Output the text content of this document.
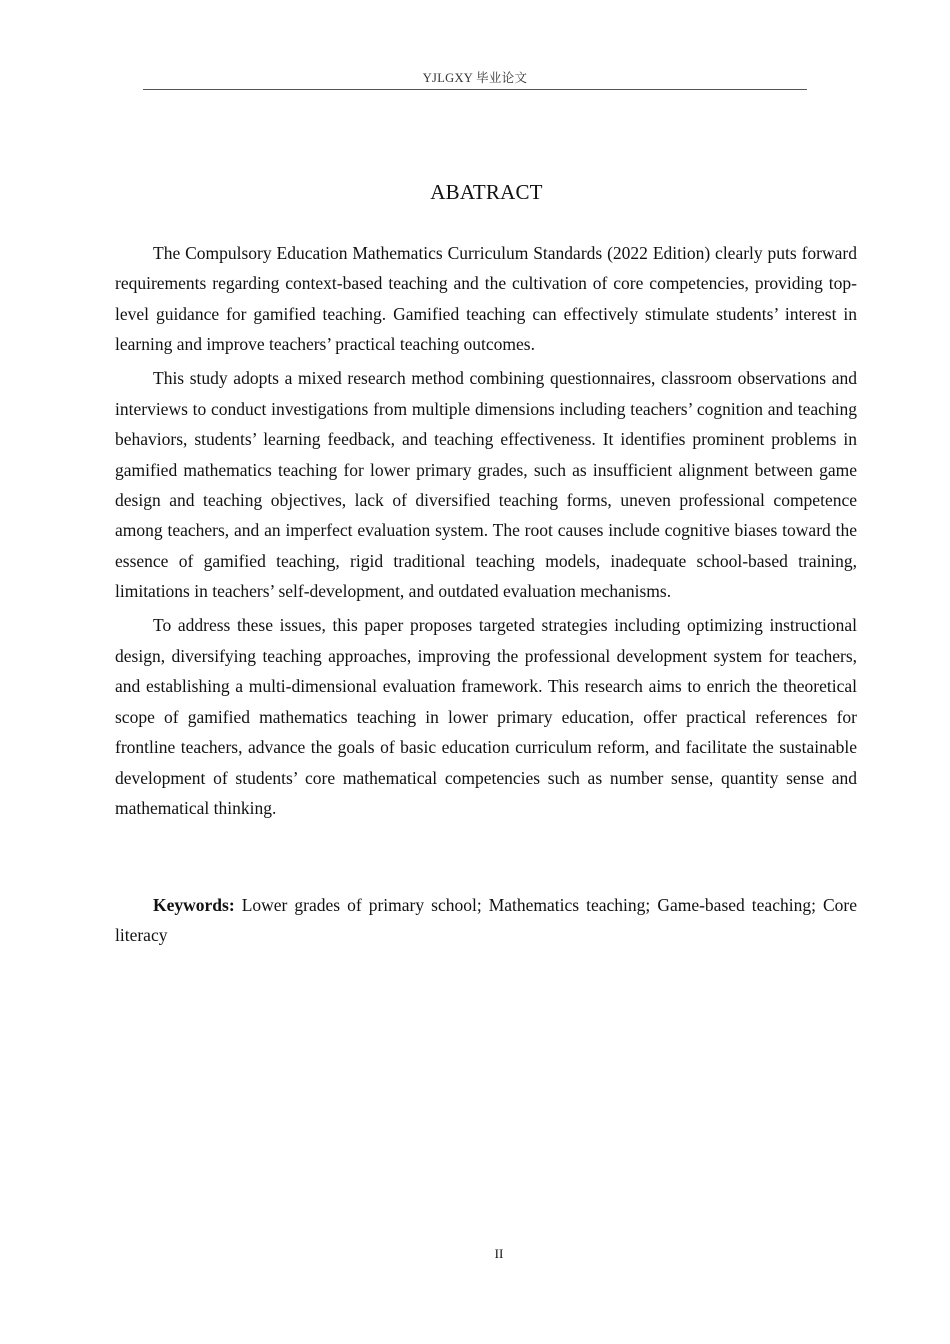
YJLGXY 毕业论文
ABATRACT

The Compulsory Education Mathematics Curriculum Standards (2022 Edition) clearly puts forward requirements regarding context-based teaching and the cultivation of core competencies, providing top-level guidance for gamified teaching. Gamified teaching can effectively stimulate students’ interest in learning and improve teachers’ practical teaching outcomes.

This study adopts a mixed research method combining questionnaires, classroom observations and interviews to conduct investigations from multiple dimensions including teachers’ cognition and teaching behaviors, students’ learning feedback, and teaching effectiveness. It identifies prominent problems in gamified mathematics teaching for lower primary grades, such as insufficient alignment between game design and teaching objectives, lack of diversified teaching forms, uneven professional competence among teachers, and an imperfect evaluation system. The root causes include cognitive biases toward the essence of gamified teaching, rigid traditional teaching models, inadequate school-based training, limitations in teachers’ self-development, and outdated evaluation mechanisms.

To address these issues, this paper proposes targeted strategies including optimizing instructional design, diversifying teaching approaches, improving the professional development system for teachers, and establishing a multi-dimensional evaluation framework. This research aims to enrich the theoretical scope of gamified mathematics teaching in lower primary education, offer practical references for frontline teachers, advance the goals of basic education curriculum reform, and facilitate the sustainable development of students’ core mathematical competencies such as number sense, quantity sense and mathematical thinking.

Keywords: Lower grades of primary school; Mathematics teaching; Game-based teaching; Core literacy

II
